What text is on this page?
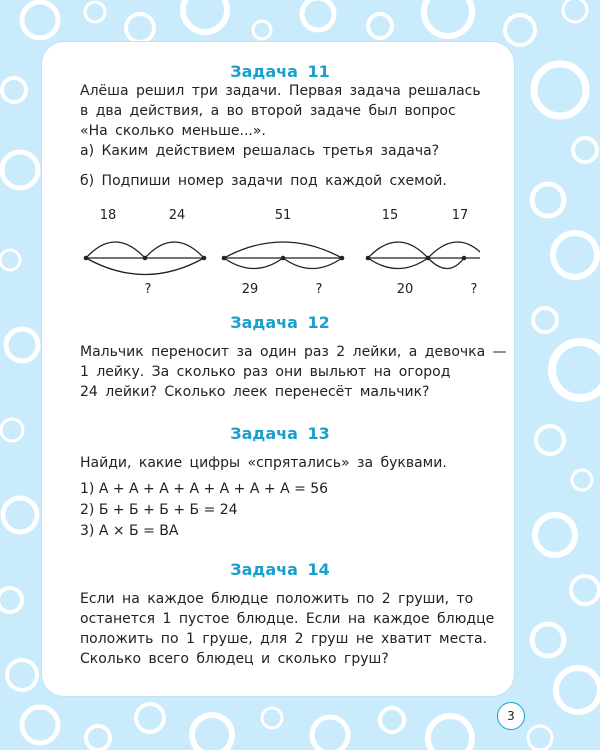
Задача 11

Алёша решил три задачи. Первая задача решалась
в два действия, а во второй задаче был вопрос
«На сколько меньше...».

а) Каким действием решалась третья задача?

б) Подпиши номер задачи под каждой схемой.

18	24
?
51
29	?
15	17
20	?
Задача 12

Мальчик переносит за один раз 2 лейки, а девочка —
1 лейку. За сколько раз они выльют на огород
24 лейки? Сколько леек перенесёт мальчик?

Задача 13

Найди, какие цифры «спрятались» за буквами.

1) А + А + А + А + А + А + А = 56
2) Б + Б + Б + Б = 24
3) А × Б = ВА
Задача 14

Если на каждое блюдце положить по 2 груши, то
останется 1 пустое блюдце. Если на каждое блюдце
положить по 1 груше, для 2 груш не хватит места.
Сколько всего блюдец и сколько груш?

3
